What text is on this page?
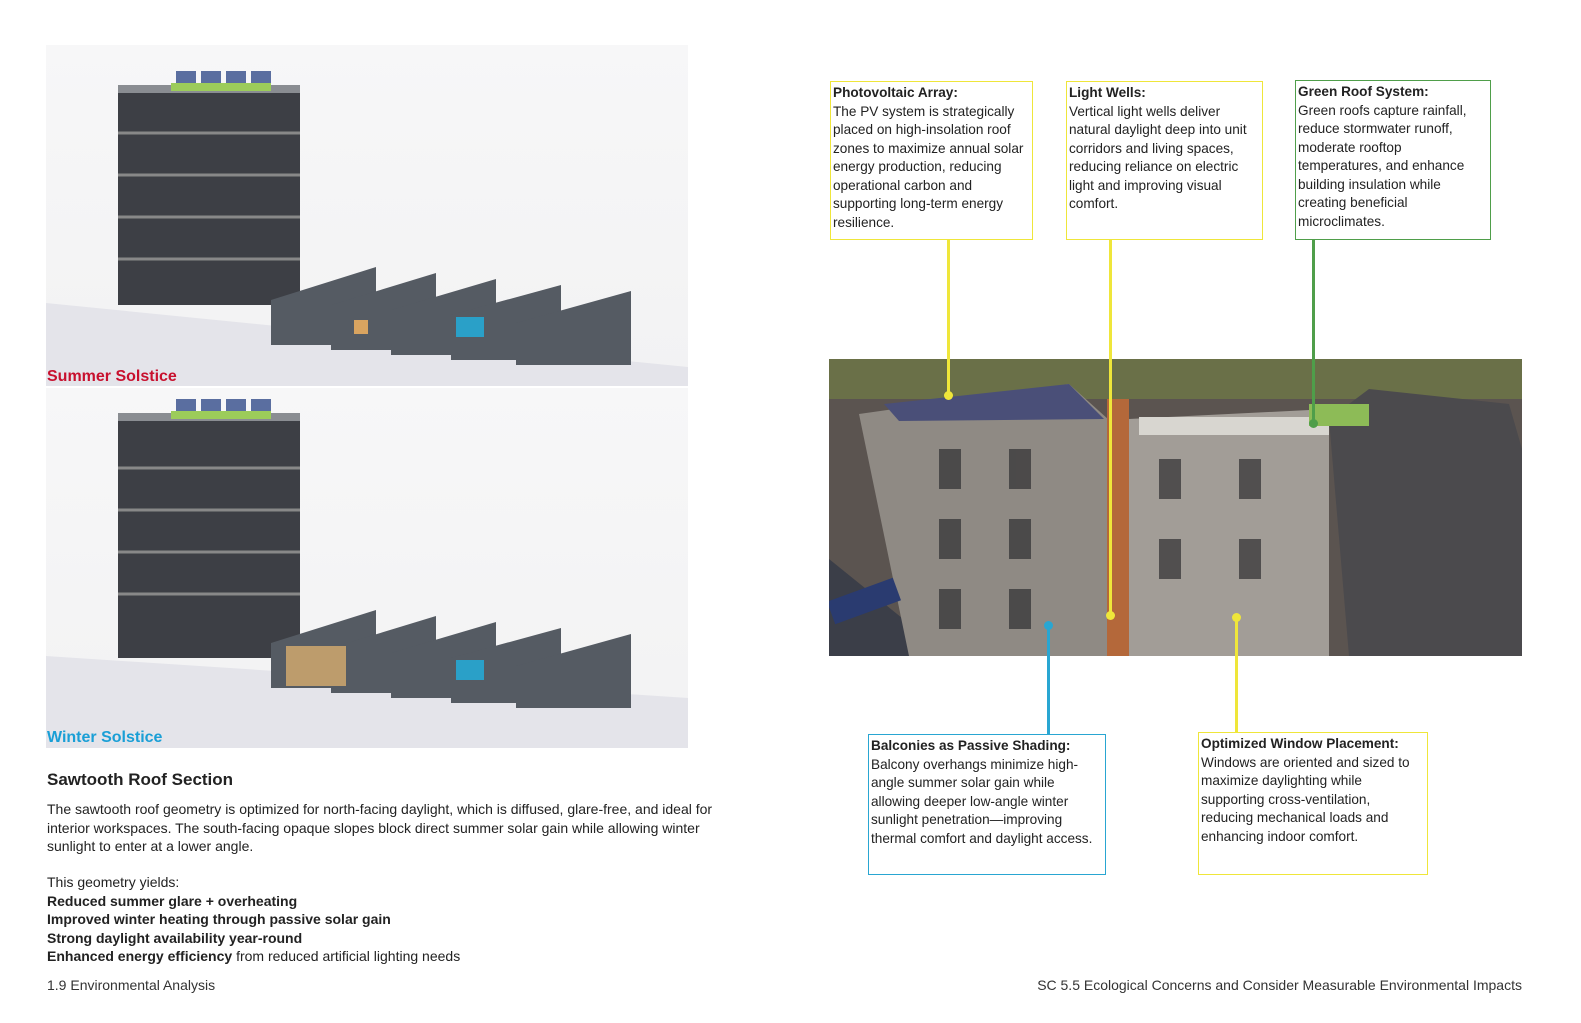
Summer Solstice
Winter Solstice
Photovoltaic Array:
The PV system is strategically placed on high-insolation roof zones to maximize annual solar energy production, reducing operational carbon and supporting long-term energy resilience.
Light Wells:
Vertical light wells deliver natural daylight deep into unit corridors and living spaces, reducing reliance on electric light and improving visual comfort.
Green Roof System:
Green roofs capture rainfall, reduce stormwater runoff, moderate rooftop temperatures, and enhance building insulation while creating beneficial microclimates.
Balconies as Passive Shading:
Balcony overhangs minimize high-angle summer solar gain while allowing deeper low-angle winter sunlight penetration—improving thermal comfort and daylight access.
Optimized Window Placement:
Windows are oriented and sized to maximize daylighting while supporting cross-ventilation, reducing mechanical loads and enhancing indoor comfort.
Sawtooth Roof Section
The sawtooth roof geometry is optimized for north-facing daylight, which is diffused, glare-free, and ideal for interior workspaces. The south-facing opaque slopes block direct summer solar gain while allowing winter sunlight to enter at a lower angle.
This geometry yields:
Reduced summer glare + overheating
Improved winter heating through passive solar gain
Strong daylight availability year-round
Enhanced energy efficiency from reduced artificial lighting needs
1.9 Environmental Analysis	SC 5.5 Ecological Concerns and Consider Measurable Environmental Impacts
